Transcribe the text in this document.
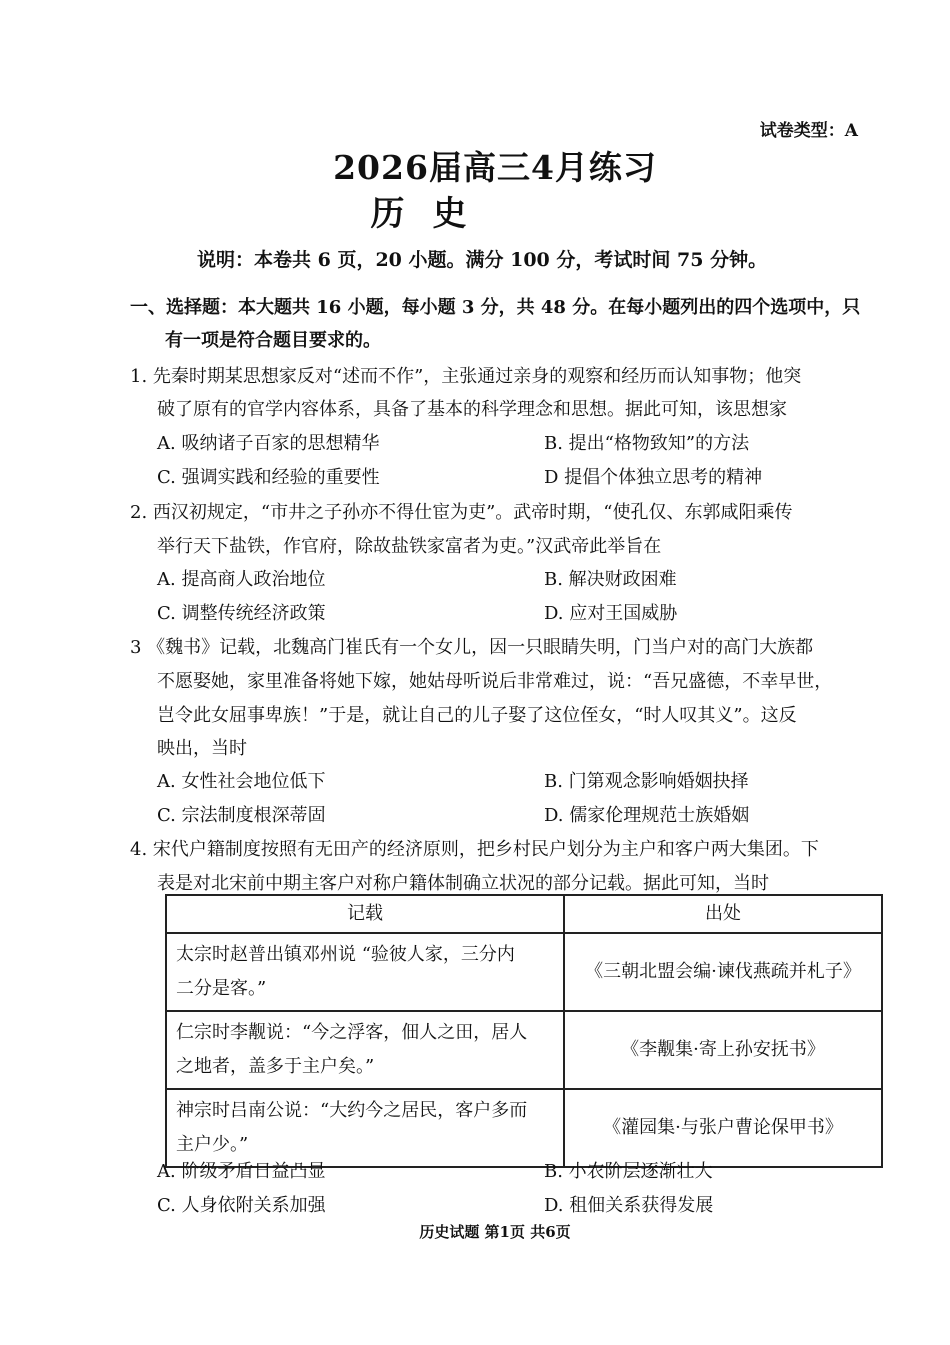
试卷类型：A
2026届高三4月练习
历史
说明：本卷共 6 页，20 小题。满分 100 分，考试时间 75 分钟。
一、选择题：本大题共 16 小题，每小题 3 分，共 48 分。在每小题列出的四个选项中，只
有一项是符合题目要求的。
1. 先秦时期某思想家反对“述而不作”，主张通过亲身的观察和经历而认知事物；他突
破了原有的官学内容体系，具备了基本的科学理念和思想。据此可知，该思想家
A. 吸纳诸子百家的思想精华	B. 提出“格物致知”的方法
C. 强调实践和经验的重要性	D 提倡个体独立思考的精神
2. 西汉初规定，“市井之子孙亦不得仕宦为吏”。武帝时期，“使孔仅、东郭咸阳乘传
举行天下盐铁，作官府，除故盐铁家富者为吏。”汉武帝此举旨在
A. 提高商人政治地位	B. 解决财政困难
C. 调整传统经济政策	D. 应对王国威胁
3 《魏书》记载，北魏高门崔氏有一个女儿，因一只眼睛失明，门当户对的高门大族都
不愿娶她，家里准备将她下嫁，她姑母听说后非常难过，说：“吾兄盛德，不幸早世，
岂令此女屈事卑族！”于是，就让自己的儿子娶了这位侄女，“时人叹其义”。这反
映出，当时
A. 女性社会地位低下	B. 门第观念影响婚姻抉择
C. 宗法制度根深蒂固	D. 儒家伦理规范士族婚姻
4. 宋代户籍制度按照有无田产的经济原则，把乡村民户划分为主户和客户两大集团。下
表是对北宋前中期主客户对称户籍体制确立状况的部分记载。据此可知，当时
记载	出处

太宗时赵普出镇邓州说 “验彼人家，三分内
二分是客。”	《三朝北盟会编·谏伐燕疏并札子》

仁宗时李觏说：“今之浮客，佃人之田，居人
之地者，盖多于主户矣。”	《李觏集·寄上孙安抚书》

神宗时吕南公说：“大约今之居民，客户多而
主户少。”	《灌园集·与张户曹论保甲书》
A. 阶级矛盾日益凸显	B. 小农阶层逐渐壮大
C. 人身依附关系加强	D. 租佃关系获得发展
历史试题 第1页 共6页
